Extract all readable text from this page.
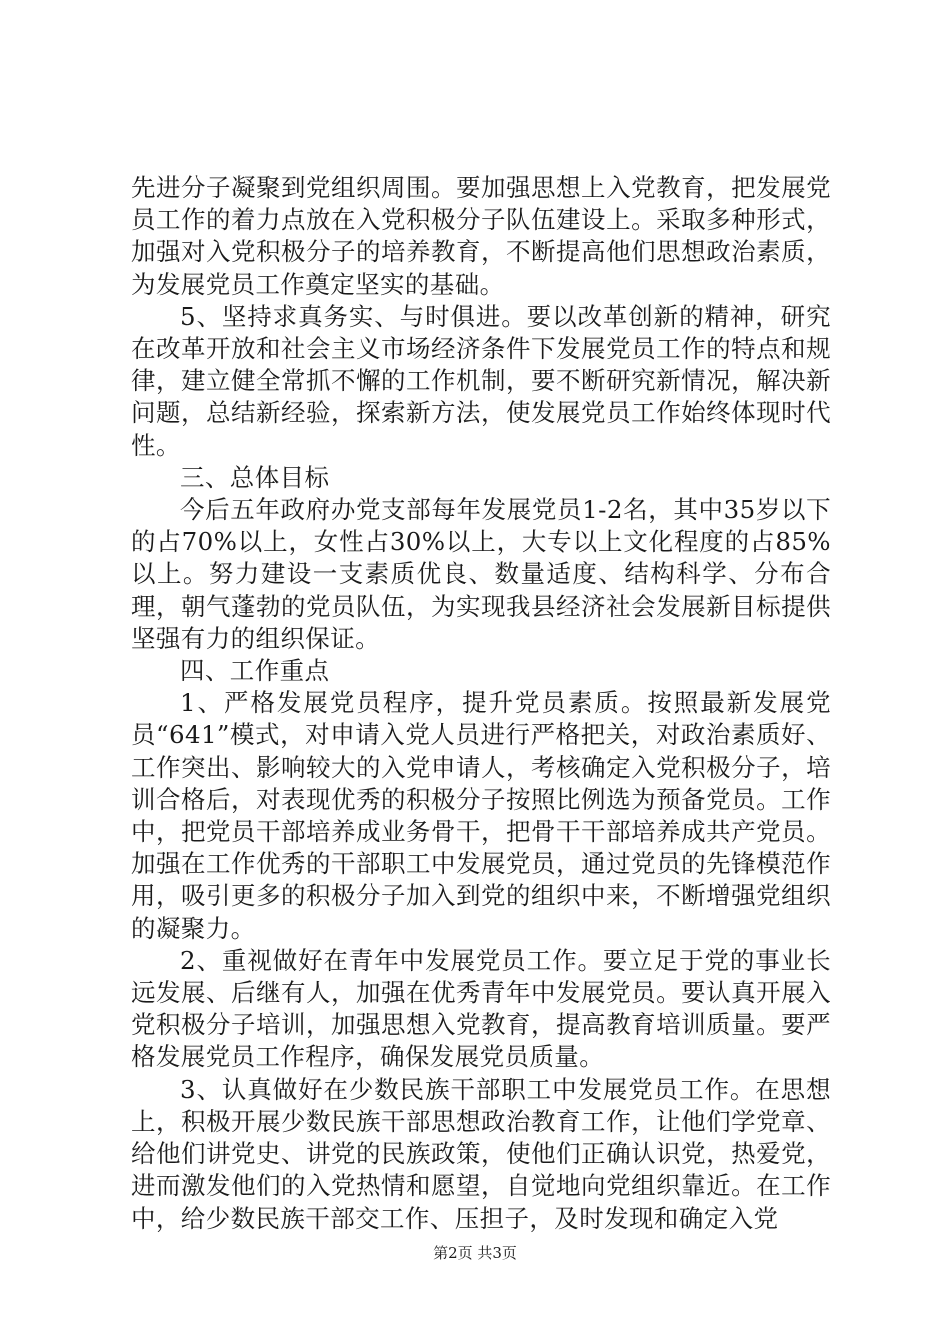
先进分子凝聚到党组织周围。要加强思想上入党教育，把发展党员工作的着力点放在入党积极分子队伍建设上。采取多种形式，加强对入党积极分子的培养教育，不断提高他们思想政治素质，为发展党员工作奠定坚实的基础。

5、坚持求真务实、与时俱进。要以改革创新的精神，研究在改革开放和社会主义市场经济条件下发展党员工作的特点和规律，建立健全常抓不懈的工作机制，要不断研究新情况，解决新问题，总结新经验，探索新方法，使发展党员工作始终体现时代性。

三、总体目标

今后五年政府办党支部每年发展党员1-2名，其中35岁以下的占70%以上，女性占30%以上，大专以上文化程度的占85%以上。努力建设一支素质优良、数量适度、结构科学、分布合理，朝气蓬勃的党员队伍，为实现我县经济社会发展新目标提供坚强有力的组织保证。

四、工作重点

1、严格发展党员程序，提升党员素质。按照最新发展党员“641”模式，对申请入党人员进行严格把关，对政治素质好、工作突出、影响较大的入党申请人，考核确定入党积极分子，培训合格后，对表现优秀的积极分子按照比例选为预备党员。工作中，把党员干部培养成业务骨干，把骨干干部培养成共产党员。加强在工作优秀的干部职工中发展党员，通过党员的先锋模范作用，吸引更多的积极分子加入到党的组织中来，不断增强党组织的凝聚力。

2、重视做好在青年中发展党员工作。要立足于党的事业长远发展、后继有人，加强在优秀青年中发展党员。要认真开展入党积极分子培训，加强思想入党教育，提高教育培训质量。要严格发展党员工作程序，确保发展党员质量。

3、认真做好在少数民族干部职工中发展党员工作。在思想上，积极开展少数民族干部思想政治教育工作，让他们学党章、给他们讲党史、讲党的民族政策，使他们正确认识党，热爱党，进而激发他们的入党热情和愿望，自觉地向党组织靠近。在工作中，给少数民族干部交工作、压担子，及时发现和确定入党

第2页 共3页
